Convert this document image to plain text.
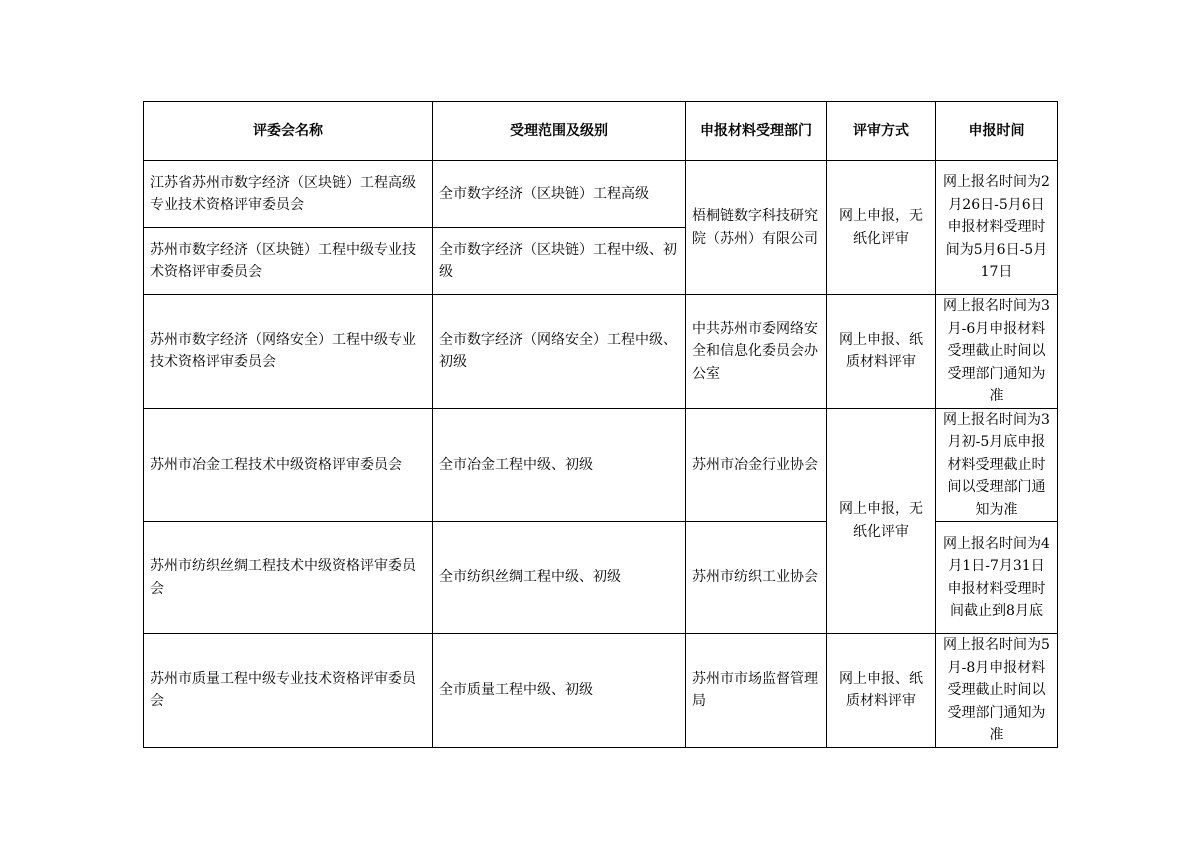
评委会名称	受理范围及级别	申报材料受理部门	评审方式	申报时间
江苏省苏州市数字经济（区块链）工程高级专业技术资格评审委员会	全市数字经济（区块链）工程高级	梧桐链数字科技研究院（苏州）有限公司	网上申报，无纸化评审	网上报名时间为2月26日-5月6日申报材料受理时间为5月6日-5月17日
苏州市数字经济（区块链）工程中级专业技术资格评审委员会	全市数字经济（区块链）工程中级、初级			
苏州市数字经济（网络安全）工程中级专业技术资格评审委员会	全市数字经济（网络安全）工程中级、初级	中共苏州市委网络安全和信息化委员会办公室	网上申报、纸质材料评审	网上报名时间为3月-6月申报材料受理截止时间以受理部门通知为准
苏州市冶金工程技术中级资格评审委员会	全市冶金工程中级、初级	苏州市冶金行业协会	网上申报，无纸化评审	网上报名时间为3月初-5月底申报材料受理截止时间以受理部门通知为准
苏州市纺织丝绸工程技术中级资格评审委员会	全市纺织丝绸工程中级、初级	苏州市纺织工业协会		网上报名时间为4月1日-7月31日申报材料受理时间截止到8月底
苏州市质量工程中级专业技术资格评审委员会	全市质量工程中级、初级	苏州市市场监督管理局	网上申报、纸质材料评审	网上报名时间为5月-8月申报材料受理截止时间以受理部门通知为准
